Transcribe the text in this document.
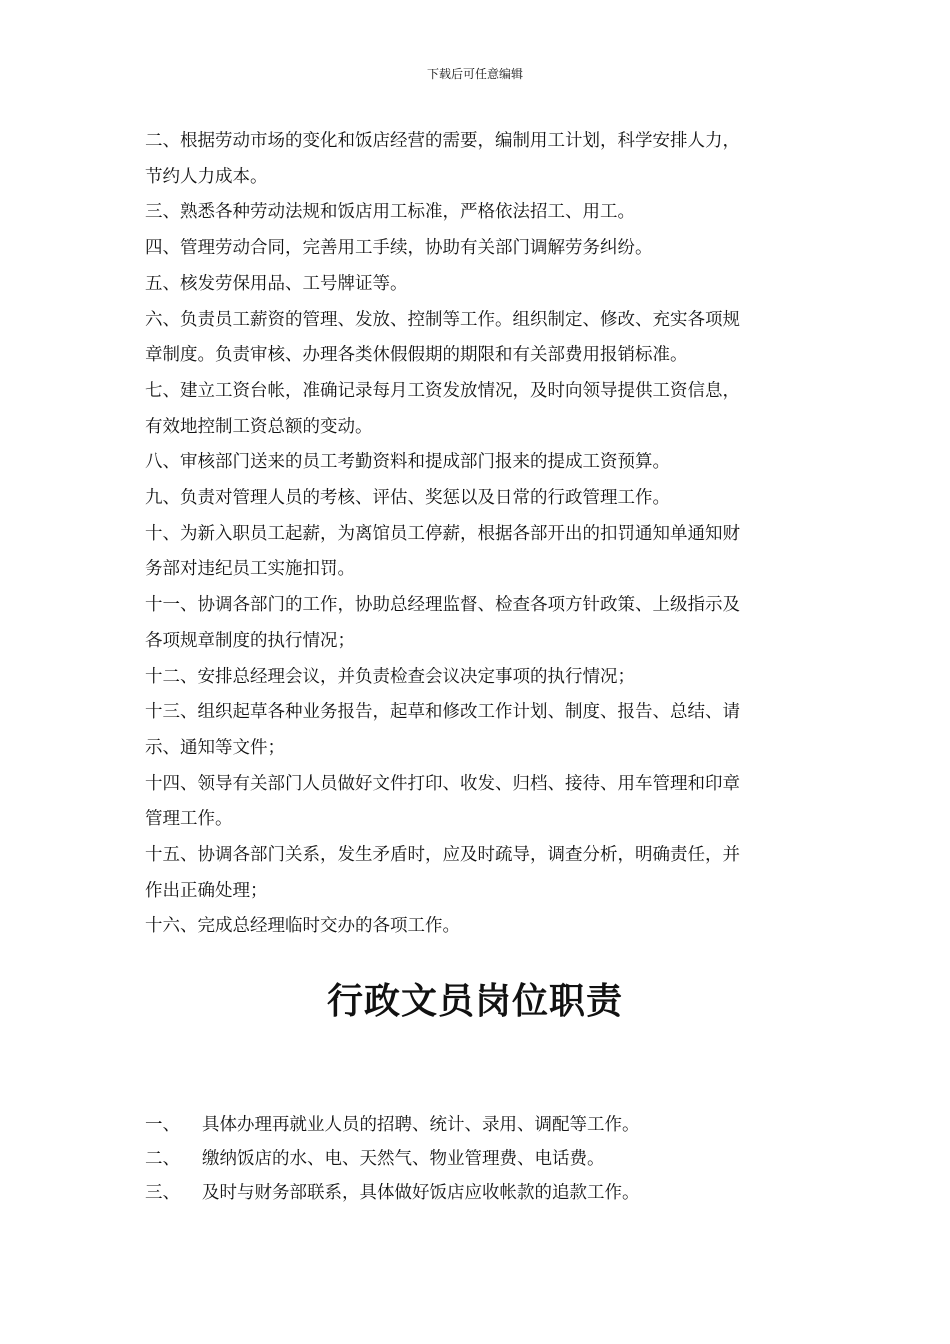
下载后可任意编辑

二、根据劳动市场的变化和饭店经营的需要，编制用工计划，科学安排人力，

节约人力成本。

三、熟悉各种劳动法规和饭店用工标准，严格依法招工、用工。

四、管理劳动合同，完善用工手续，协助有关部门调解劳务纠纷。

五、核发劳保用品、工号牌证等。

六、负责员工薪资的管理、发放、控制等工作。组织制定、修改、充实各项规

章制度。负责审核、办理各类休假假期的期限和有关部费用报销标准。

七、建立工资台帐，准确记录每月工资发放情况，及时向领导提供工资信息，

有效地控制工资总额的变动。

八、审核部门送来的员工考勤资料和提成部门报来的提成工资预算。

九、负责对管理人员的考核、评估、奖惩以及日常的行政管理工作。

十、为新入职员工起薪，为离馆员工停薪，根据各部开出的扣罚通知单通知财

务部对违纪员工实施扣罚。

十一、协调各部门的工作，协助总经理监督、检查各项方针政策、上级指示及

各项规章制度的执行情况；

十二、安排总经理会议，并负责检查会议决定事项的执行情况；

十三、组织起草各种业务报告，起草和修改工作计划、制度、报告、总结、请

示、通知等文件；

十四、领导有关部门人员做好文件打印、收发、归档、接待、用车管理和印章

管理工作。

十五、协调各部门关系，发生矛盾时，应及时疏导，调查分析，明确责任，并

作出正确处理；

十六、完成总经理临时交办的各项工作。

行政文员岗位职责
一、	具体办理再就业人员的招聘、统计、录用、调配等工作。
二、	缴纳饭店的水、电、天然气、物业管理费、电话费。
三、	及时与财务部联系，具体做好饭店应收帐款的追款工作。
